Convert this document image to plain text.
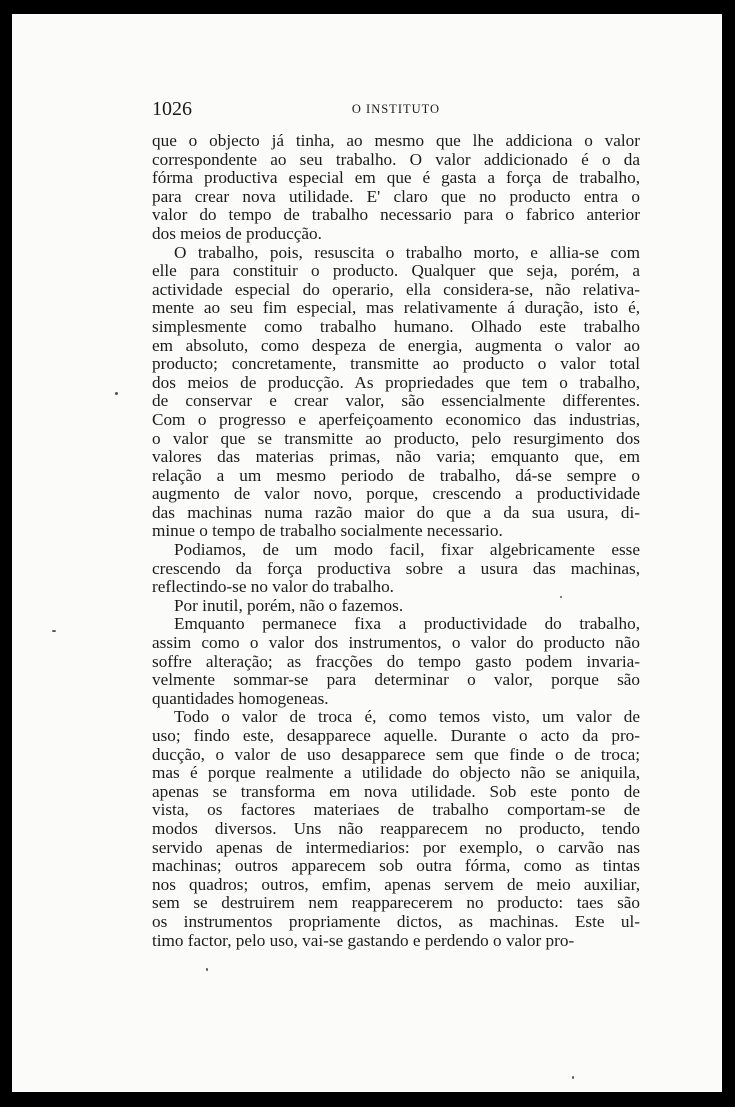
1026	O INSTITUTO

que o objecto já tinha, ao mesmo que lhe addiciona o valor
correspondente ao seu trabalho. O valor addicionado é o da
fórma productiva especial em que é gasta a força de trabalho,
para crear nova utilidade. E' claro que no producto entra o
valor do tempo de trabalho necessario para o fabrico anterior
dos meios de producção.

O trabalho, pois, resuscita o trabalho morto, e allia-se com
elle para constituir o producto. Qualquer que seja, porém, a
actividade especial do operario, ella considera-se, não relativa-
mente ao seu fim especial, mas relativamente á duração, isto é,
simplesmente como trabalho humano. Olhado este trabalho
em absoluto, como despeza de energia, augmenta o valor ao
producto; concretamente, transmitte ao producto o valor total
dos meios de producção. As propriedades que tem o trabalho,
de conservar e crear valor, são essencialmente differentes.
Com o progresso e aperfeiçoamento economico das industrias,
o valor que se transmitte ao producto, pelo resurgimento dos
valores das materias primas, não varia; emquanto que, em
relação a um mesmo periodo de trabalho, dá-se sempre o
augmento de valor novo, porque, crescendo a productividade
das machinas numa razão maior do que a da sua usura, di-
minue o tempo de trabalho socialmente necessario.

Podiamos, de um modo facil, fixar algebricamente esse
crescendo da força productiva sobre a usura das machinas,
reflectindo-se no valor do trabalho.

Por inutil, porém, não o fazemos.

Emquanto permanece fixa a productividade do trabalho,
assim como o valor dos instrumentos, o valor do producto não
soffre alteração; as fracções do tempo gasto podem invaria-
velmente sommar-se para determinar o valor, porque são
quantidades homogeneas.

Todo o valor de troca é, como temos visto, um valor de
uso; findo este, desapparece aquelle. Durante o acto da pro-
ducção, o valor de uso desapparece sem que finde o de troca;
mas é porque realmente a utilidade do objecto não se aniquila,
apenas se transforma em nova utilidade. Sob este ponto de
vista, os factores materiaes de trabalho comportam-se de
modos diversos. Uns não reapparecem no producto, tendo
servido apenas de intermediarios: por exemplo, o carvão nas
machinas; outros apparecem sob outra fórma, como as tintas
nos quadros; outros, emfim, apenas servem de meio auxiliar,
sem se destruirem nem reapparecerem no producto: taes são
os instrumentos propriamente dictos, as machinas. Este ul-
timo factor, pelo uso, vai-se gastando e perdendo o valor pro-
